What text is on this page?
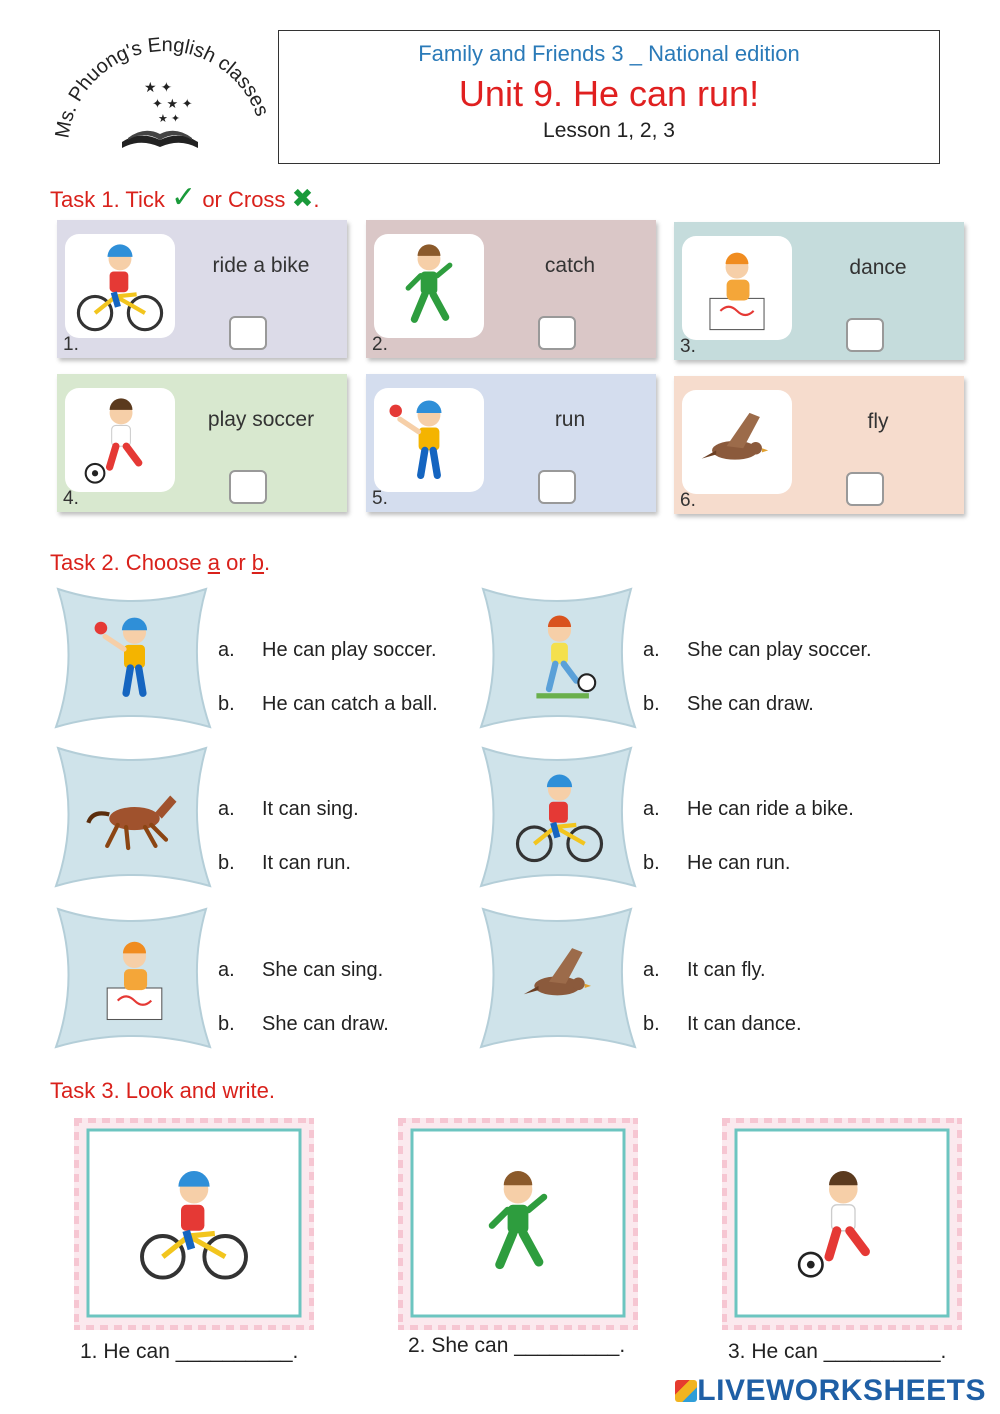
Ms. Phuong's English classes
★ ✦
✦ ★ ✦
★ ✦
Family and Friends 3 _ National edition
Unit 9. He can run!
Lesson 1, 2, 3
Task 1. Tick ✓ or Cross ✖.
ride a bike
1.
catch
2.
dance
3.
play soccer
4.
run
5.
fly
6.
Task 2. Choose a or b.
a. He can play soccer.
b. He can catch a ball.
a. She can play soccer.
b. She can draw.
a. It can sing.
b. It can run.
a. He can ride a bike.
b. He can run.
a. She can sing.
b. She can draw.
a. It can fly.
b. It can dance.
Task 3. Look and write.
1. He can __________.	2. She can _________.	3. He can __________.
LIVEWORKSHEETS
